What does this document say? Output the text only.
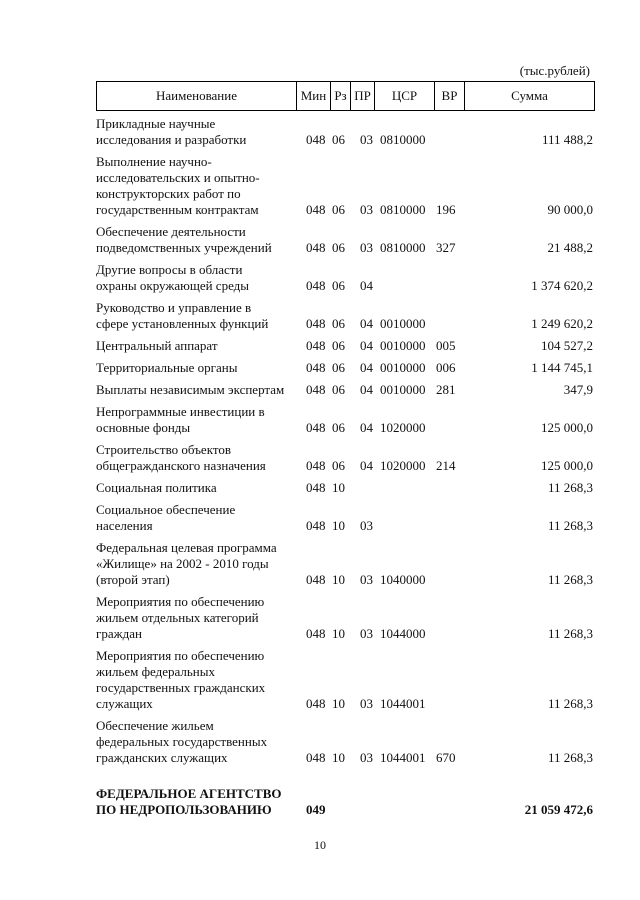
(тыс.рублей)
Наименование	Мин Рз ПР	ЦСР	ВР	Сумма
Прикладные научные
исследования и разработки	048 06	03 0810000	111 488,2
Выполнение научно-
исследовательских и опытно-
конструкторских работ по
государственным контрактам	048 06	03 0810000 196	90 000,0
Обеспечение деятельности
подведомственных учреждений	048 06	03 0810000 327	21 488,2
Другие вопросы в области
охраны окружающей среды	048 06	04	1 374 620,2
Руководство и управление в
сфере установленных функций	048 06	04 0010000	1 249 620,2
Центральный аппарат	048 06	04 0010000 005	104 527,2
Территориальные органы	048 06	04 0010000 006	1 144 745,1
Выплаты независимым экспертам	048 06	04 0010000 281	347,9
Непрограммные инвестиции в
основные фонды	048 06	04 1020000	125 000,0
Строительство объектов
общегражданского назначения	048 06	04 1020000 214	125 000,0
Социальная политика	048 10	11 268,3
Социальное обеспечение
населения	048 10	03	11 268,3
Федеральная целевая программа
«Жилище» на 2002 - 2010 годы
(второй этап)	048 10	03 1040000	11 268,3
Мероприятия по обеспечению
жильем отдельных категорий
граждан	048 10	03 1044000	11 268,3
Мероприятия по обеспечению
жильем федеральных
государственных гражданских
служащих	048 10	03 1044001	11 268,3
Обеспечение жильем
федеральных государственных
гражданских служащих	048 10	03 1044001 670	11 268,3
ФЕДЕРАЛЬНОЕ АГЕНТСТВО
ПО НЕДРОПОЛЬЗОВАНИЮ	049	21 059 472,6
10
